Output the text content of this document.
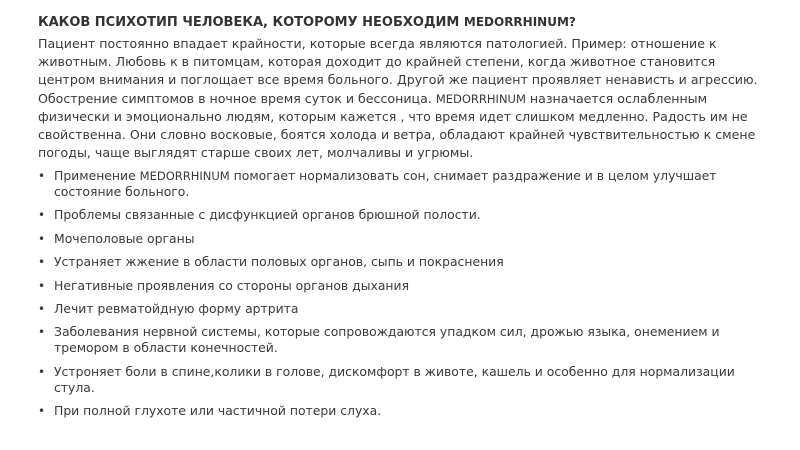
КАКОВ ПСИХОТИП ЧЕЛОВЕКА, КОТОРОМУ НЕОБХОДИМ MEDORRHINUM?

Пациент постоянно впадает крайности, которые всегда являются патологией. Пример: отношение к животным. Любовь к в питомцам, которая доходит до крайней степени, когда животное становится центром внимания и поглощает все время больного. Другой же пациент проявляет ненависть и агрессию. Обострение симптомов в ночное время суток и бессоница. MEDORRHINUM назначается ослабленным физически и эмоционально людям, которым кажется , что время идет слишком медленно. Радость им не свойственна. Они словно восковые, боятся холода и ветра, обладают крайней чувствительностью к смене погоды, чаще выглядят старше своих лет, молчаливы и угрюмы.

• Применение MEDORRHINUM помогает нормализовать сон, снимает раздражение и в целом улучшает состояние больного.
• Проблемы связанные с дисфункцией органов брюшной полости.
• Мочеполовые органы
• Устраняет жжение в области половых органов, сыпь и покраснения
• Негативные проявления со стороны органов дыхания
• Лечит ревматойдную форму артрита
• Заболевания нервной системы, которые сопровождаются упадком сил, дрожью языка, онемением и тремором в области конечностей.
• Устроняет боли в спине,колики в голове, дискомфорт в животе, кашель и особенно для нормализации стула.
• При полной глухоте или частичной потери слуха.
